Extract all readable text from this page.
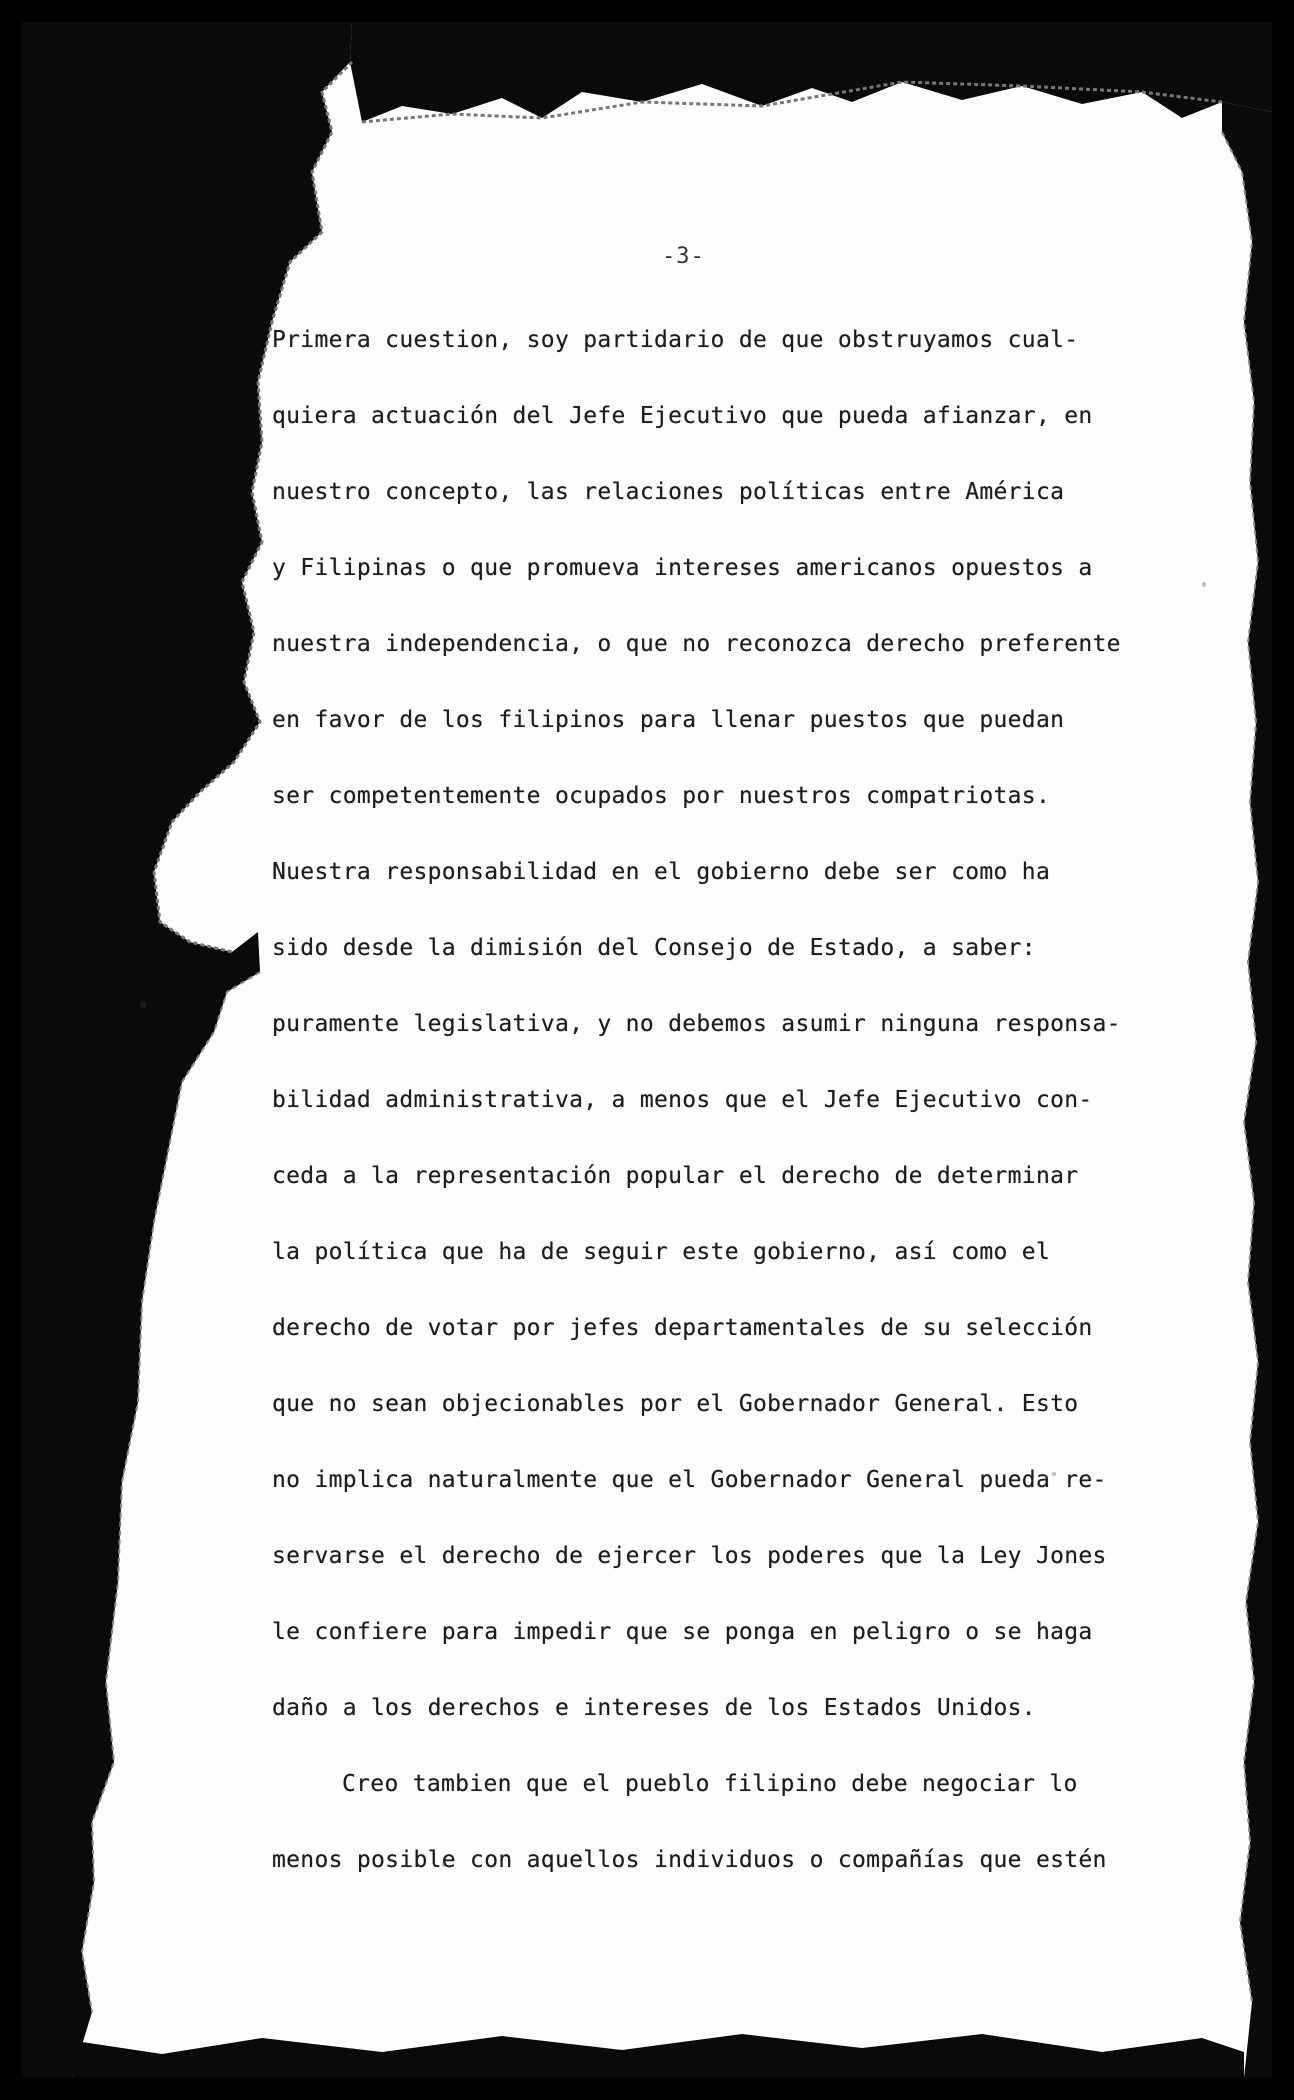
-3-
Primera cuestion, soy partidario de que obstruyamos cual-
quiera actuación del Jefe Ejecutivo que pueda afianzar, en
nuestro concepto, las relaciones políticas entre América
y Filipinas o que promueva intereses americanos opuestos a
nuestra independencia, o que no reconozca derecho preferente
en favor de los filipinos para llenar puestos que puedan
ser competentemente ocupados por nuestros compatriotas.
Nuestra responsabilidad en el gobierno debe ser como ha
sido desde la dimisión del Consejo de Estado, a saber:
puramente legislativa, y no debemos asumir ninguna responsa-
bilidad administrativa, a menos que el Jefe Ejecutivo con-
ceda a la representación popular el derecho de determinar
la política que ha de seguir este gobierno, así como el
derecho de votar por jefes departamentales de su selección
que no sean objecionables por el Gobernador General. Esto
no implica naturalmente que el Gobernador General pueda re-
servarse el derecho de ejercer los poderes que la Ley Jones
le confiere para impedir que se ponga en peligro o se haga
daño a los derechos e intereses de los Estados Unidos.
Creo tambien que el pueblo filipino debe negociar lo
menos posible con aquellos individuos o compañías que estén
